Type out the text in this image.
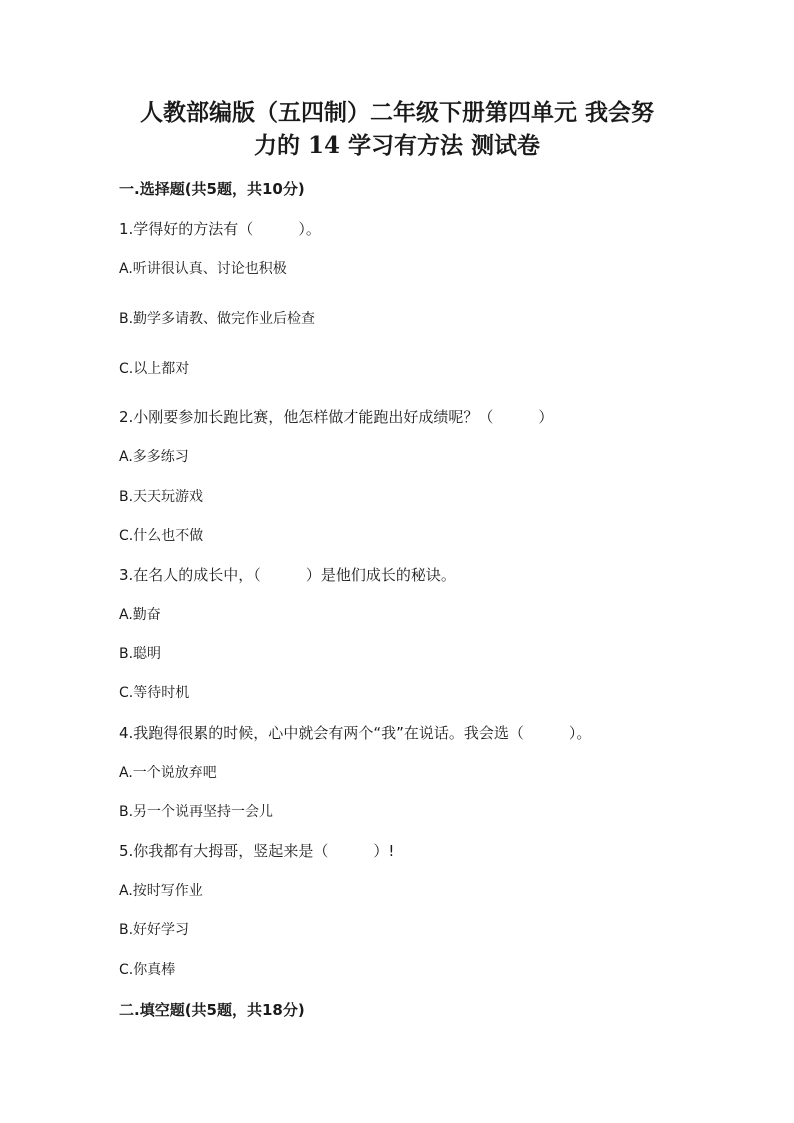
人教部编版（五四制）二年级下册第四单元 我会努
力的 14 学习有方法 测试卷
一.选择题(共5题，共10分)
1.学得好的方法有（　　　）。
A.听讲很认真、讨论也积极
B.勤学多请教、做完作业后检查
C.以上都对
2.小刚要参加长跑比赛，他怎样做才能跑出好成绩呢？（　　　）
A.多多练习
B.天天玩游戏
C.什么也不做
3.在名人的成长中，（　　　）是他们成长的秘诀。
A.勤奋
B.聪明
C.等待时机
4.我跑得很累的时候，心中就会有两个“我”在说话。我会选（　　　）。
A.一个说放弃吧
B.另一个说再坚持一会儿
5.你我都有大拇哥，竖起来是（　　　）!
A.按时写作业
B.好好学习
C.你真棒
二.填空题(共5题，共18分)
